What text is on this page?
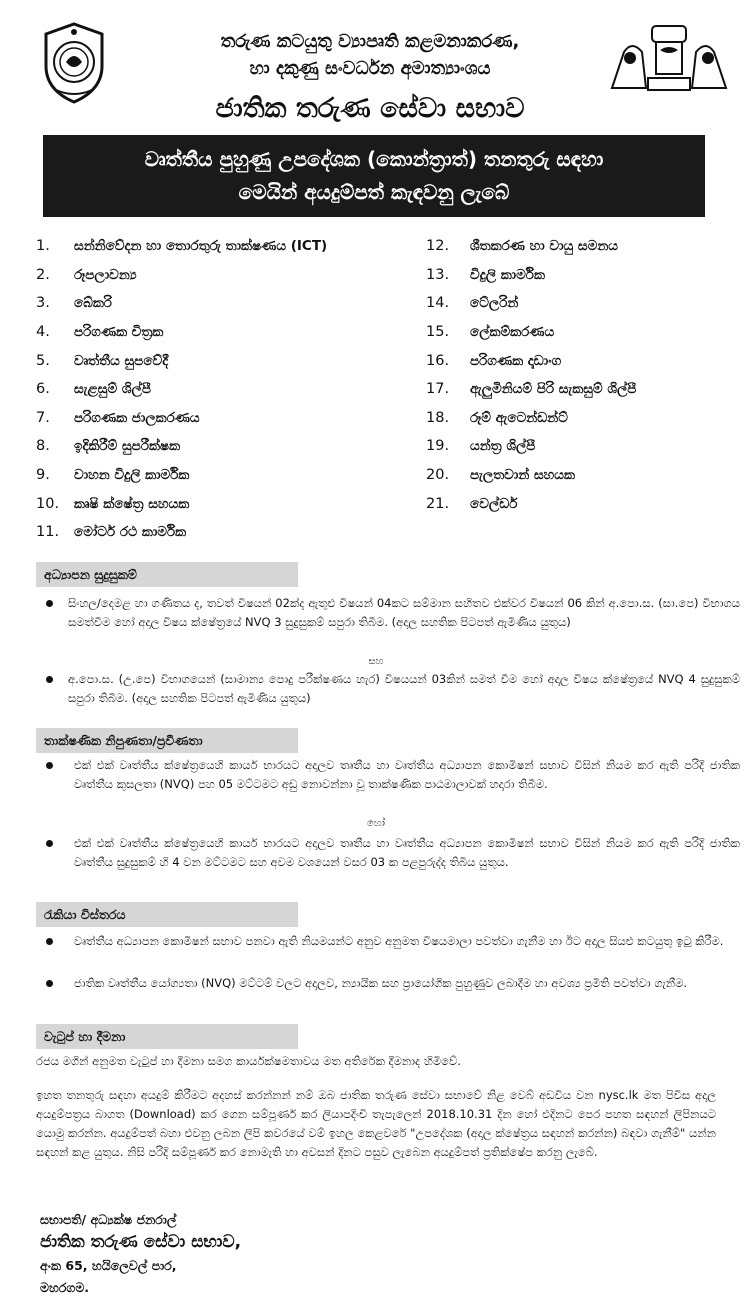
තරුණ කටයුතු ව්‍යාපෘති කළමනාකරණ,
හා දකුණු සංවර්ධන අමාත්‍යාංශය
ජාතික තරුණ සේවා සභාව
වෘත්තීය පුහුණු උපදේශක (කොන්ත්‍රාත්) තනතුරු සඳහා
මෙයින් අයදුම්පත් කැඳවනු ලැබේ
1.	සන්නිවේදන හා තොරතුරු තාක්ෂණය (ICT)
2.	රූපලාවන්‍ය
3.	බේකරි
4.	පරිගණක චිත්‍රක
5.	වෘත්තීය සුපවේදී
6.	සැළසුම් ශිල්පී
7.	පරිගණක ජාලකරණය
8.	ඉදිකිරීම් සුපරීක්ෂක
9.	වාහන විදුලි කාර්මික
10.	කෘෂි ක්ෂේත්‍ර සහයක
11.	මෝටර් රථ කාර්මික
12.	ශීතකරණ හා වායු සමනය
13.	විදුලි කාර්මික
14.	ටේලරින්
15.	ලේකම්කරණය
16.	පරිගණක දෘඩාංග
17.	ඇලුමිනියම් පිරි සැකසුම් ශිල්පී
18.	රූම් ඇටෙන්ඩන්ට්
19.	යන්ත්‍ර ශිල්පී
20.	පැලතවාන් සහයක
21.	වෙල්ඩර්
අධ්‍යාපන සුදුසුකම්
සිංහල/දෙමළ හා ගණිතය ද, තවත් විෂයන් 02ක්ද ඇතුළු විෂයන් 04කට සම්මාන සහිතව එක්වර විෂයන් 06 කින් අ.පො.ස. (සා.පෙ) විභාගය සමත්වීම හෝ අදාල විෂය ක්ෂේත්‍රයේ NVQ 3 සුදුසුකම් සපුරා තිබීම. (අදාල සහතික පිටපත් ඇමිණිය යුතුය)
සහ
අ.පො.ස. (උ.පෙ) විභාගයෙන් (සාමාන්‍ය පොදු පරීක්ෂණය හැර) විෂයයන් 03කින් සමත් වීම හෝ අදාල විෂය ක්ෂේත්‍රයේ NVQ 4 සුදුසුකම් සපුරා තිබීම. (අදාල සහතික පිටපත් ඇමිණිය යුතුය)
තාක්ෂණික නිපුණතා/ප්‍රවීණතා
එක් එක් වෘත්තීය ක්ෂේත්‍රයෙහි කාර්ය භාරයට අදාලව තෘතීය හා වෘත්තීය අධ්‍යාපන කොමිෂන් සභාව විසින් නියම කර ඇති පරිදි ජාතික වෘත්තීය කුසලතා (NVQ) පහ 05 මට්ටමට අඩු නොවන්නා වූ තාක්ෂණික පාඨමාලාවක් හදාරා තිබීම.
හෝ
එක් එක් වෘත්තීය ක්ෂේත්‍රයෙහි කාර්ය භාරයට අදාලව තෘතීය හා වෘත්තීය අධ්‍යාපන කොමිෂන් සභාව විසින් නියම කර ඇති පරිදි ජාතික වෘත්තීය සුදුසුකම් හි 4 වන මට්ටමට සහ අවම වශයෙන් වසර 03 ක පළපුරුද්ද තිබිය යුතුය.
රැකියා විස්තරය
වෘත්තීය අධ්‍යාපන කොමිෂන් සභාව පනවා ඇති නියමයන්ට අනුව අනුමත විෂයමාලා පවත්වා ගැනීම හා ඊට අදාල සියළු කටයුතු ඉටු කිරීම.
ජාතික වෘත්තීය යෝග්‍යතා (NVQ) මට්ටම් වලට අදාලව, න්‍යායික සහ ප්‍රායෝගික පුහුණුව ලබාදීම හා අවශ්‍ය ප්‍රමිති පවත්වා ගැනීම.
වැටුප් හා දීමනා
රජය මගින් අනුමත වැටුප් හා දීමනා සමග කාර්යක්ෂමතාවය මත අතිරේක දීමනාද හිමිවේ.
ඉහත තනතුරු සඳහා අයදුම් කිරීමට අදහස් කරන්නන් නම් ඔබ ජාතික තරුණ සේවා සභාවේ නිළ වෙබ් අඩවිය වන nysc.lk මත පිවිස අදාල අයදුම්පත්‍රය බාගත (Download) කර ගෙන සම්පූර්ණ කර ලියාපදිංචි තැපැලෙන් 2018.10.31 දින හෝ එදිනට පෙර පහත සඳහන් ලිපිනයට යොමු කරන්න. අයදුම්පත් බහා එවනු ලබන ලිපි කවරයේ වම් ඉහල කෙළවරේ "උපදේශක (අදාල ක්ෂේත්‍රය සඳහන් කරන්න) බඳවා ගැනීම්" යන්න සඳහන් කළ යුතුය. නිසි පරිදි සම්පූර්ණ කර නොමැති හා අවසන් දිනට පසුව ලැබෙන අයදුම්පත් ප්‍රතික්ෂේප කරනු ලැබේ.
සභාපති/ අධ්‍යක්ෂ ජනරාල්
ජාතික තරුණ සේවා සභාව,
අංක 65, හයිලෙවල් පාර,
මහරගම.
